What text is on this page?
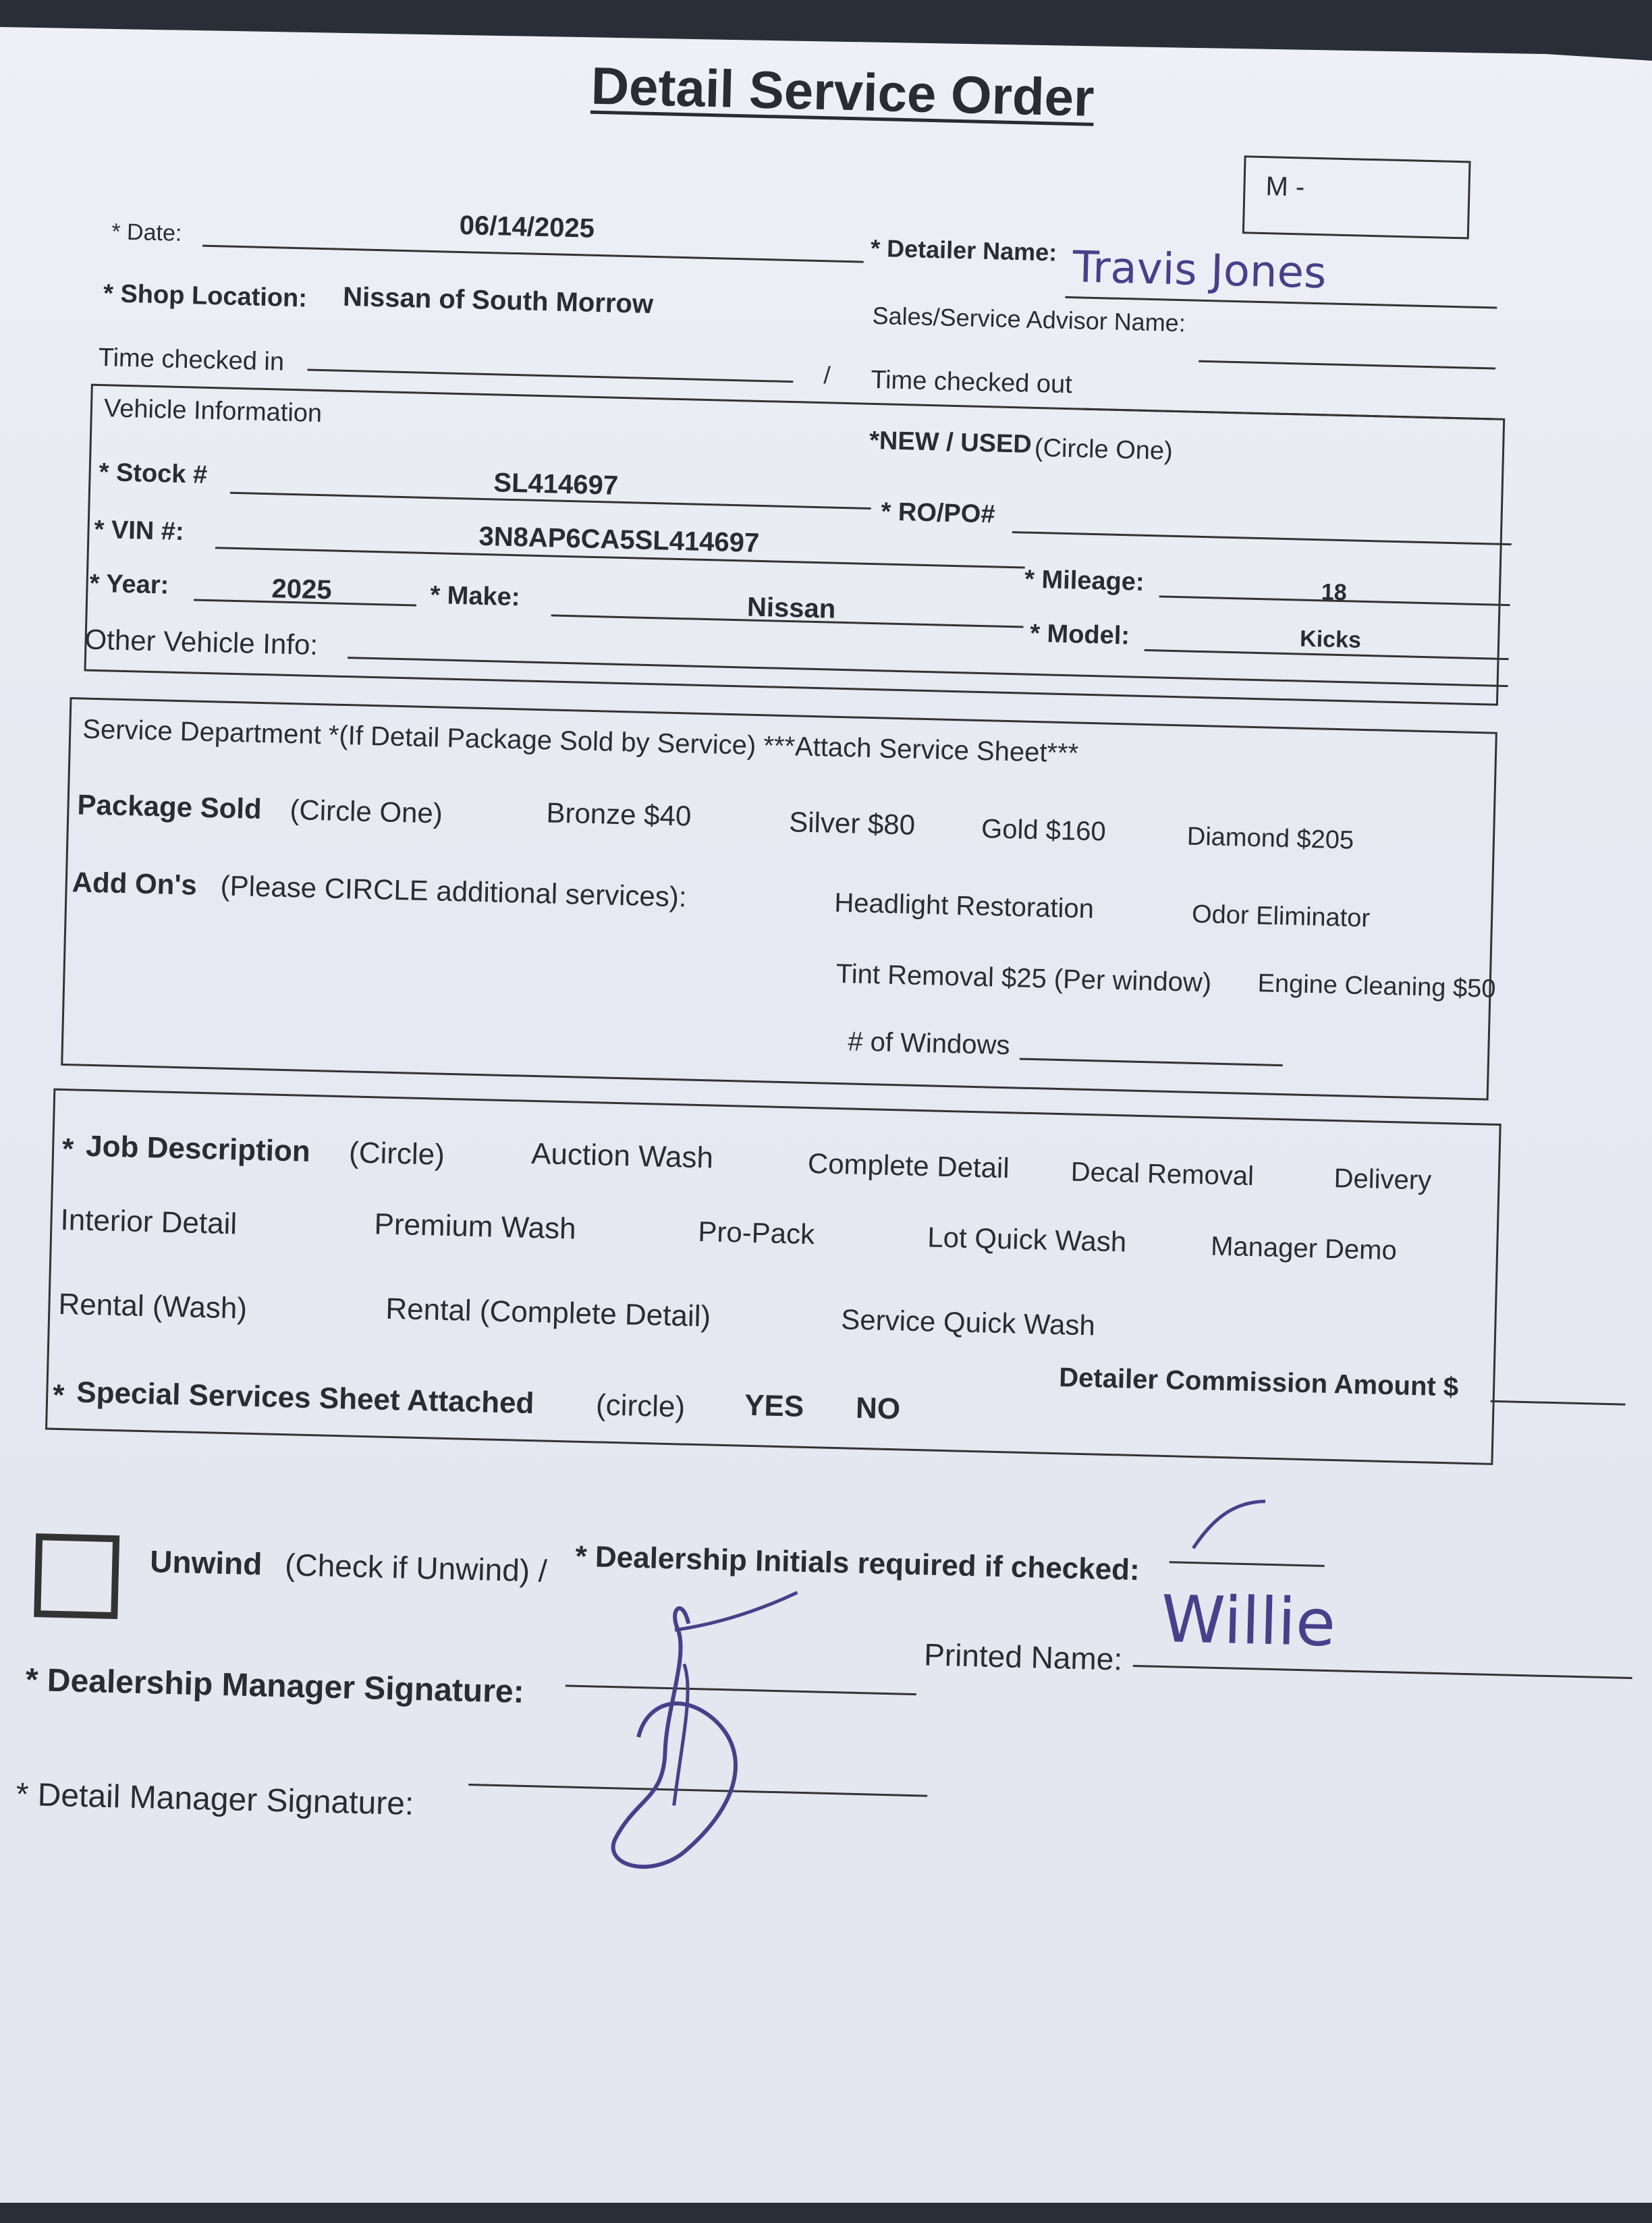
Detail Service Order
M -
* Date:	06/14/2025
* Detailer Name: Travis Jones
* Shop Location: Nissan of South Morrow
Sales/Service Advisor Name:
Time checked in	/ Time checked out
Vehicle Information
*NEW / USED (Circle One)
* Stock #	SL414697
* RO/PO#
* VIN #:	3N8AP6CA5SL414697
* Mileage:	18
* Year:	2025	* Make:	Nissan
* Model:	Kicks
Other Vehicle Info:
Service Department *(If Detail Package Sold by Service) ***Attach Service Sheet***
Package Sold (Circle One)	Bronze $40	Silver $80 Gold $160	Diamond $205
Add On's (Please CIRCLE additional services):	Headlight Restoration	Odor Eliminator
Tint Removal $25 (Per window) Engine Cleaning $50
# of Windows
* Job Description (Circle)	Auction Wash	Complete Detail Decal Removal	Delivery
Interior Detail	Premium Wash	Pro-Pack	Lot Quick Wash	Manager Demo
Rental (Wash)	Rental (Complete Detail)	Service Quick Wash
Detailer Commission Amount $
* Special Services Sheet Attached (circle) YES NO
Unwind (Check if Unwind) / * Dealership Initials required if checked:
* Dealership Manager Signature:
Printed Name: Willie
* Detail Manager Signature:
